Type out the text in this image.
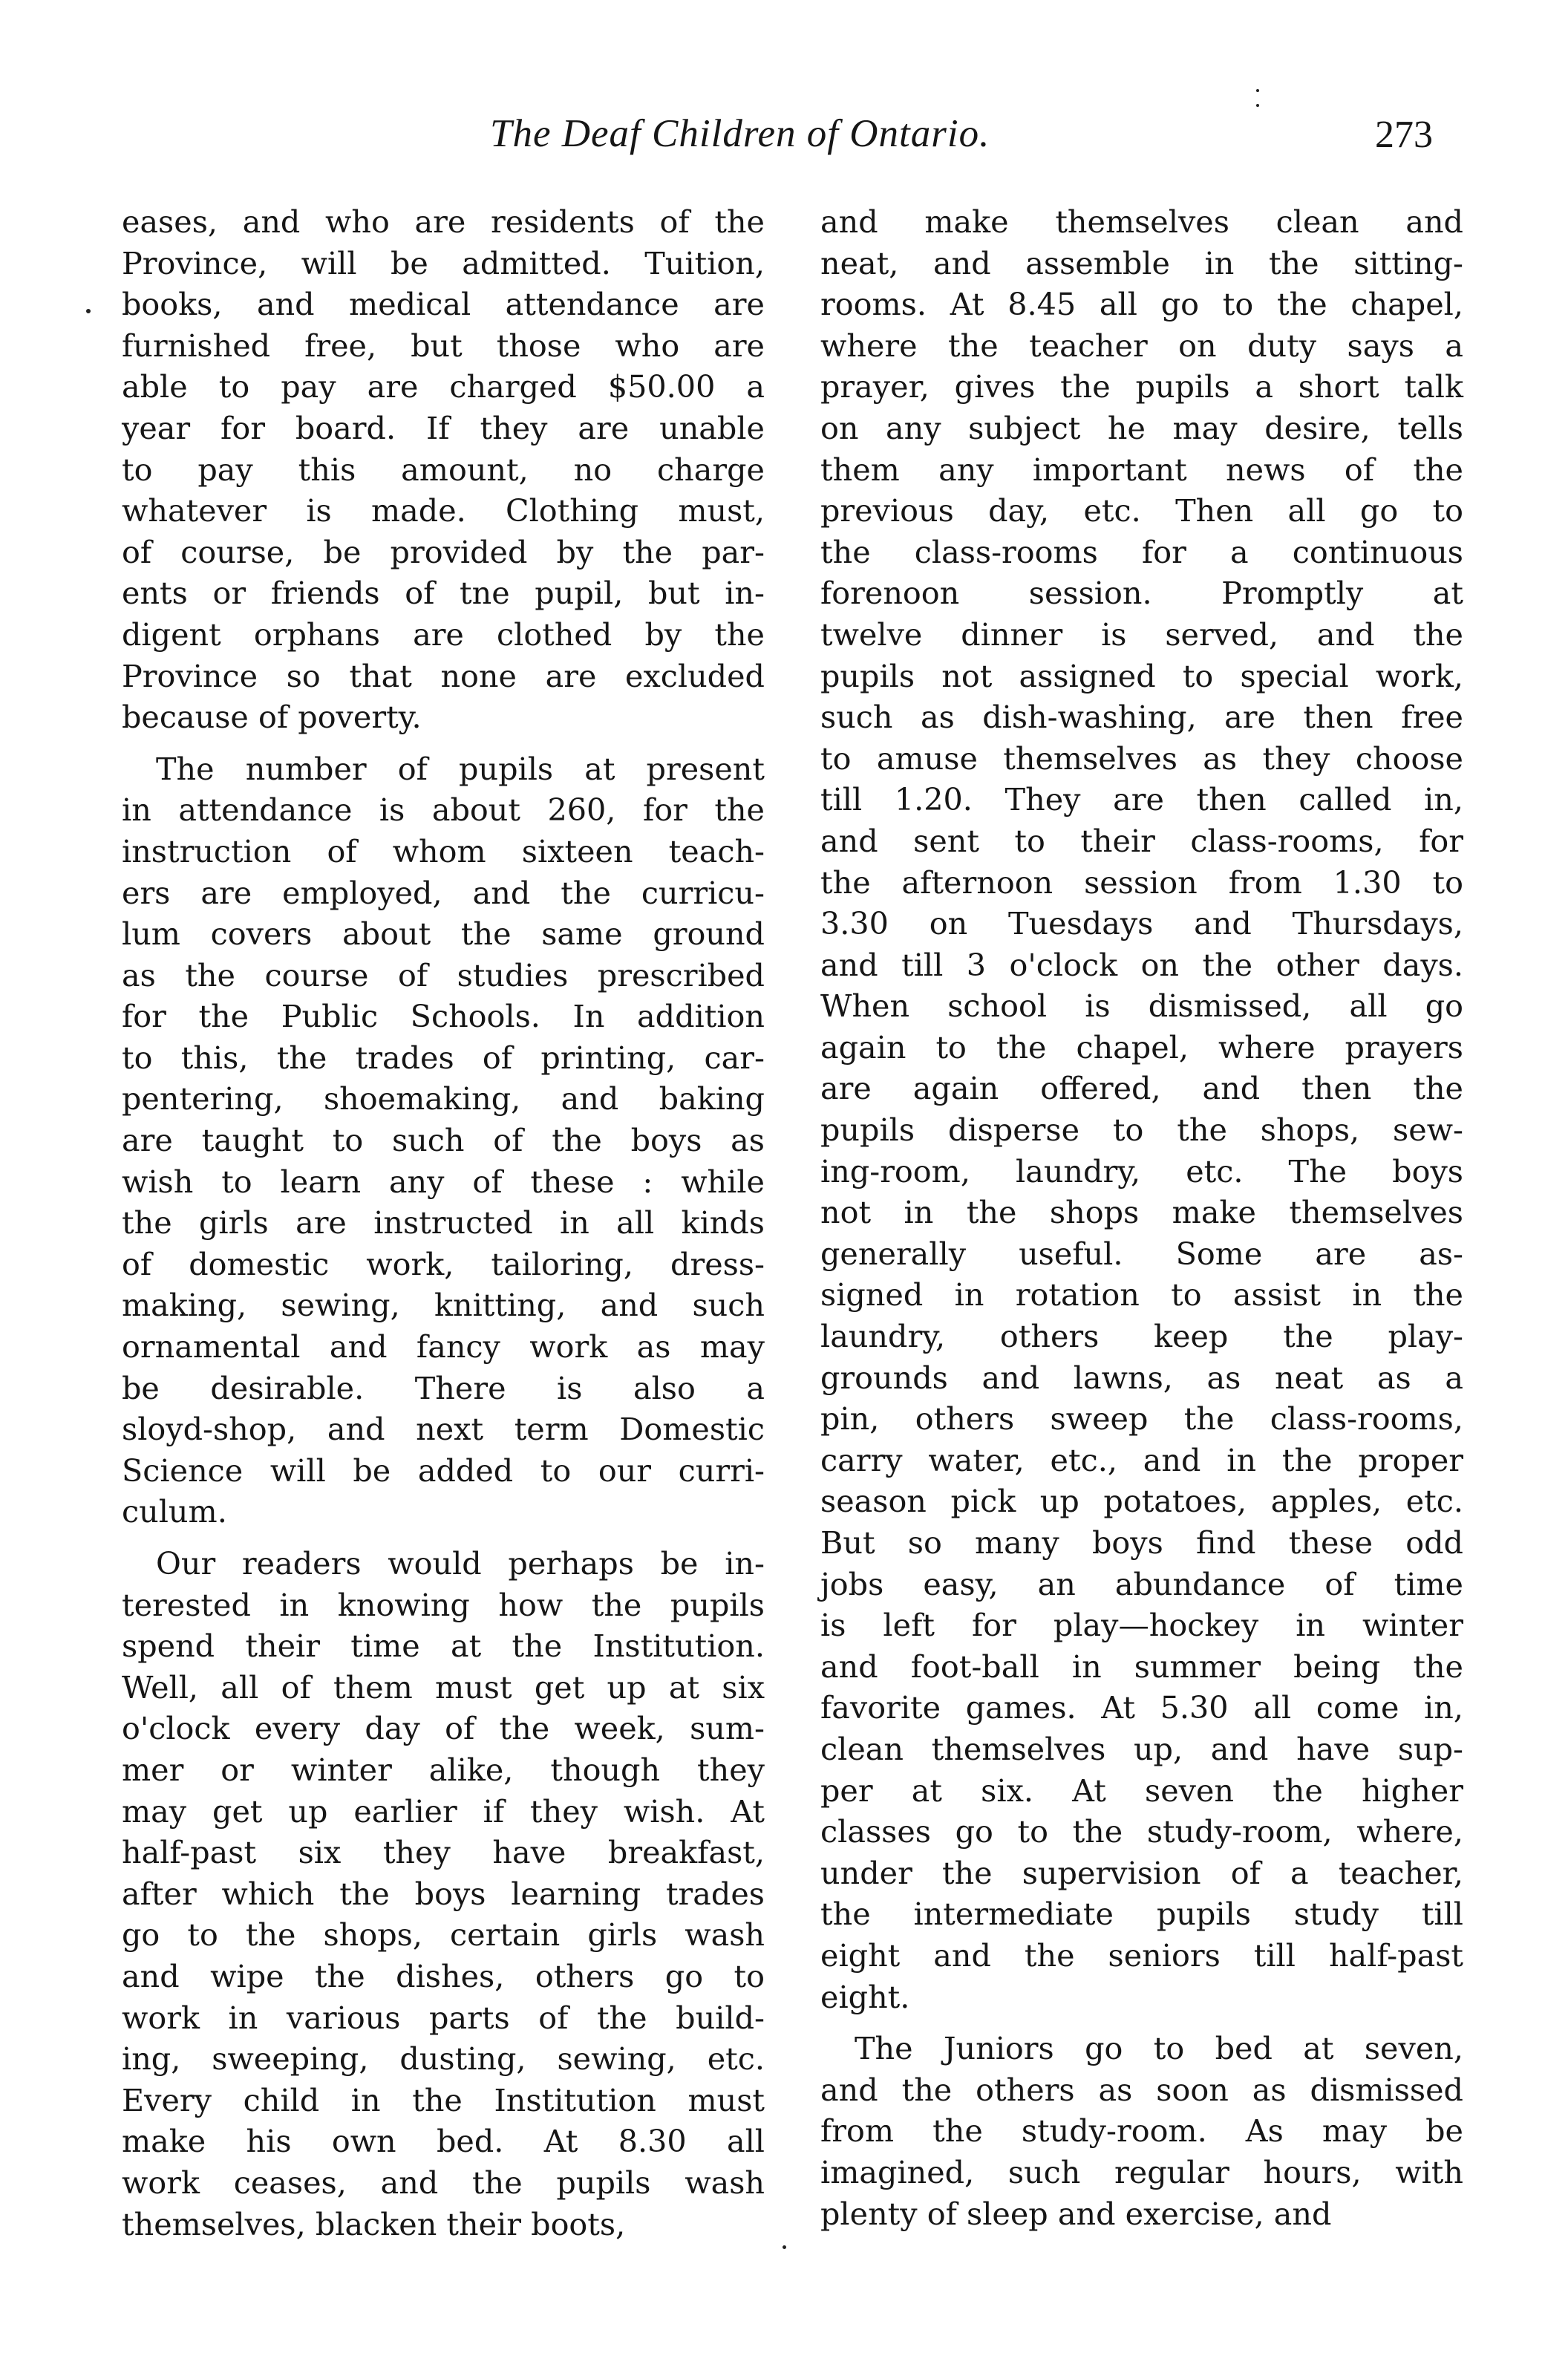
The Deaf Children of Ontario.	273
eases, and who are residents of the
Province, will be admitted. Tuition,
books, and medical attendance are
furnished free, but those who are
able to pay are charged $50.00 a
year for board. If they are unable
to pay this amount, no charge
whatever is made. Clothing must,
of course, be provided by the par-
ents or friends of tne pupil, but in-
digent orphans are clothed by the
Province so that none are excluded
because of poverty.
The number of pupils at present
in attendance is about 260, for the
instruction of whom sixteen teach-
ers are employed, and the curricu-
lum covers about the same ground
as the course of studies prescribed
for the Public Schools. In addition
to this, the trades of printing, car-
pentering, shoemaking, and baking
are taught to such of the boys as
wish to learn any of these : while
the girls are instructed in all kinds
of domestic work, tailoring, dress-
making, sewing, knitting, and such
ornamental and fancy work as may
be desirable. There is also a
sloyd-shop, and next term Domestic
Science will be added to our curri-
culum.
Our readers would perhaps be in-
terested in knowing how the pupils
spend their time at the Institution.
Well, all of them must get up at six
o'clock every day of the week, sum-
mer or winter alike, though they
may get up earlier if they wish. At
half-past six they have breakfast,
after which the boys learning trades
go to the shops, certain girls wash
and wipe the dishes, others go to
work in various parts of the build-
ing, sweeping, dusting, sewing, etc.
Every child in the Institution must
make his own bed. At 8.30 all
work ceases, and the pupils wash
themselves, blacken their boots,
and make themselves clean and
neat, and assemble in the sitting-
rooms. At 8.45 all go to the chapel,
where the teacher on duty says a
prayer, gives the pupils a short talk
on any subject he may desire, tells
them any important news of the
previous day, etc. Then all go to
the class-rooms for a continuous
forenoon session. Promptly at
twelve dinner is served, and the
pupils not assigned to special work,
such as dish-washing, are then free
to amuse themselves as they choose
till 1.20. They are then called in,
and sent to their class-rooms, for
the afternoon session from 1.30 to
3.30 on Tuesdays and Thursdays,
and till 3 o'clock on the other days.
When school is dismissed, all go
again to the chapel, where prayers
are again offered, and then the
pupils disperse to the shops, sew-
ing-room, laundry, etc. The boys
not in the shops make themselves
generally useful. Some are as-
signed in rotation to assist in the
laundry, others keep the play-
grounds and lawns, as neat as a
pin, others sweep the class-rooms,
carry water, etc., and in the proper
season pick up potatoes, apples, etc.
But so many boys find these odd
jobs easy, an abundance of time
is left for play—hockey in winter
and foot-ball in summer being the
favorite games. At 5.30 all come in,
clean themselves up, and have sup-
per at six. At seven the higher
classes go to the study-room, where,
under the supervision of a teacher,
the intermediate pupils study till
eight and the seniors till half-past
eight.
The Juniors go to bed at seven,
and the others as soon as dismissed
from the study-room. As may be
imagined, such regular hours, with
plenty of sleep and exercise, and
